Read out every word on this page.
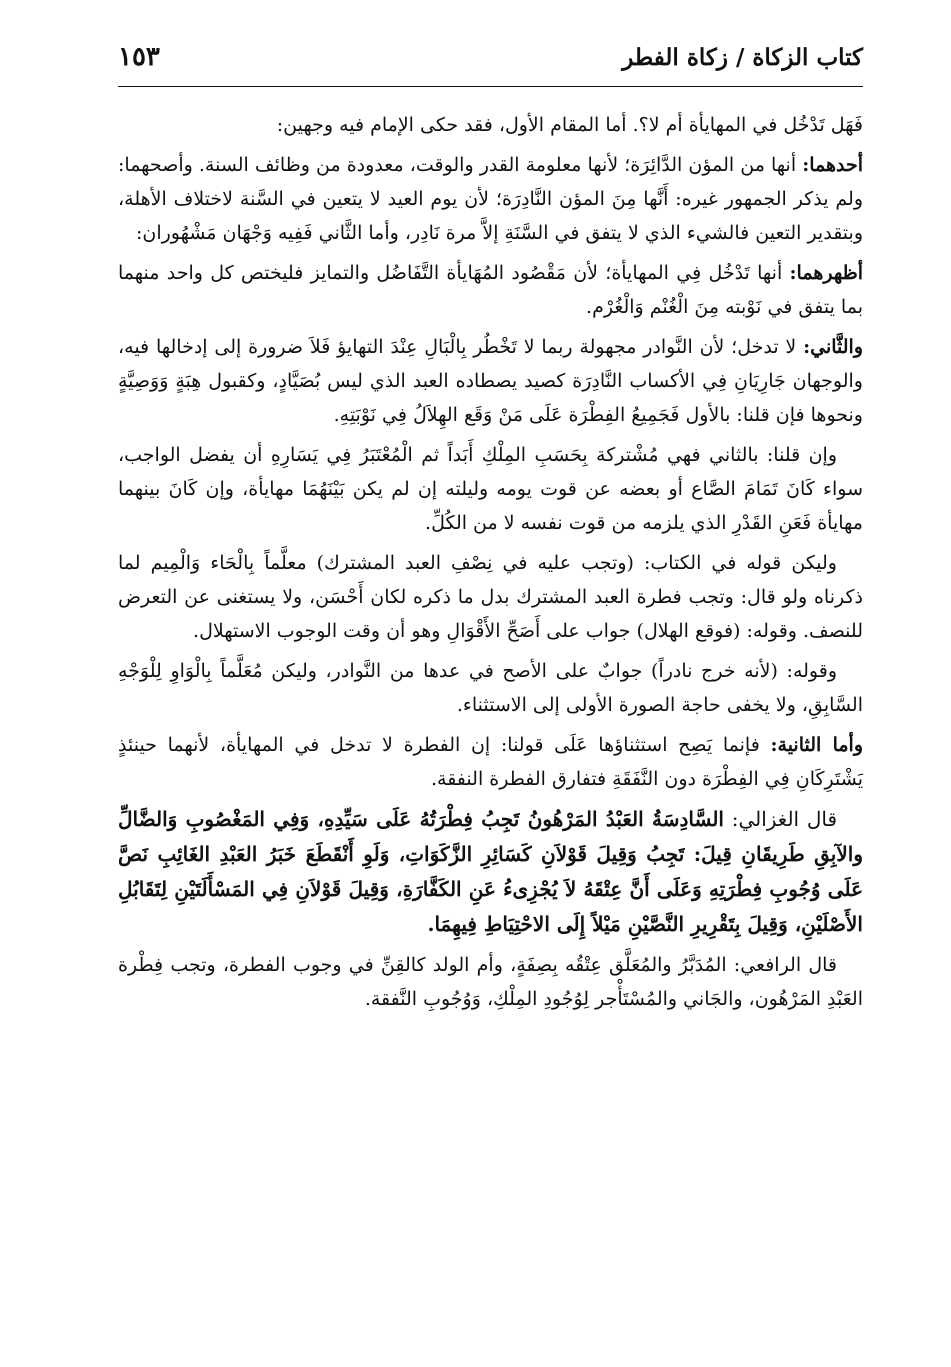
كتاب الزكاة / زكاة الفطر
١٥٣

فَهَل تَدْخُل في المهايأة أم لا؟. أما المقام الأول، فقد حكى الإمام فيه وجهين:

أحدهما: أنها من المؤن الدَّائِرَة؛ لأنها معلومة القدر والوقت، معدودة من وظائف السنة. وأصحهما: ولم يذكر الجمهور غيره: أَنَّها مِنَ المؤن النَّادِرَة؛ لأن يوم العيد لا يتعين في السَّنة لاختلاف الأهلة، وبتقدير التعين فالشيء الذي لا يتفق في السَّنَةِ إلاَّ مرة نَادِر، وأما الثَّاني فَفِيه وَجْهَان مَشْهُوران:

أظهرهما: أنها تَدْخُل فِي المهايأة؛ لأن مَقْصُود المُهَايأة التَّفَاضُل والتمايز فليختص كل واحد منهما بما يتفق في نَوْبته مِنَ الْغُنْم وَالْغُرْم.

والثَّاني: لا تدخل؛ لأن النَّوادر مجهولة ربما لا تَخْطُر بِالْبَالِ عِنْدَ التهايؤ فَلاَ ضرورة إلى إدخالها فيه، والوجهان جَارِيَانِ فِي الأكساب النَّادِرَة كصيد يصطاده العبد الذي ليس بُصَيَّادٍ، وكقبول هِبَةٍ وَوَصِيَّةٍ ونحوها فإن قلنا: بالأول فَجَمِيعُ الفِطْرَة عَلَى مَنْ وَقَع الهِلاَلُ فِي نَوْبَتِهِ.

وإن قلنا: بالثاني فهي مُشْتركة بِحَسَبِ المِلْكِ أَبَداً ثم الْمُعْتَبَرُ فِي يَسَارِهِ أن يفضل الواجب، سواء كَانَ تَمَامَ الصَّاع أو بعضه عن قوت يومه وليلته إن لم يكن بَيْنَهُمَا مهايأة، وإن كَانَ بينهما مهايأة فَعَنِ القَدْرِ الذي يلزمه من قوت نفسه لا من الكُلِّ.

وليكن قوله في الكتاب: (وتجب عليه في نِصْفِ العبد المشترك) معلَّماً بِالْحَاء وَالْمِيم لما ذكرناه ولو قال: وتجب فطرة العبد المشترك بدل ما ذكره لكان أَحْسَن، ولا يستغنى عن التعرض للنصف. وقوله: (فوقع الهلال) جواب على أَصَحِّ الأَقْوَالِ وهو أن وقت الوجوب الاستهلال.

وقوله: (لأنه خرج نادراً) جوابٌ على الأصح في عدها من النَّوادر، وليكن مُعَلَّماً بِالْوَاوِ لِلْوَجْهِ السَّابِقِ، ولا يخفى حاجة الصورة الأولى إلى الاستثناء.

وأما الثانية: فإنما يَصِح استثناؤها عَلَى قولنا: إن الفطرة لا تدخل في المهايأة، لأنهما حينئذٍ يَشْتَرِكَانِ فِي الفِطْرَة دون النَّفَقَةِ فتفارق الفطرة النفقة.

قال الغزالي: السَّادِسَةُ العَبْدُ المَرْهُونُ تَجِبُ فِطْرَتُهُ عَلَى سَيِّدِهِ، وَفِي المَغْصُوبِ وَالضَّالِّ والآبِقِ طَرِيقَانِ قِيلَ: تَجِبُ وَقِيلَ قَوْلاَنِ كَسَائِرِ الزَّكَوَاتِ، وَلَوِ أَنْقَطَعَ خَبَرُ العَبْدِ الغَائِبِ نَصَّ عَلَى وُجُوبِ فِطْرَتِهِ وَعَلَى أَنَّ عِتْقَهُ لاَ يُجْزِىءُ عَنِ الكَفَّارَةِ، وَقِيلَ قَوْلاَنِ فِي المَسْأَلَتَيْنِ لِتَقَابُلِ الأَصْلَيْنِ، وَقِيلَ بِتَقْرِيرِ النَّصَّيْنِ مَيْلاً إِلَى الاحْتِيَاطِ فِيهِمَا.

قال الرافعي: المُدَبَّرُ والمُعَلَّق عِتْقُه بِصِفَةٍ، وأم الولد كالقِنِّ في وجوب الفطرة، وتجب فِطْرة العَبْدِ المَرْهُون، والجَاني والمُسْتَأْجر لِوُجُودِ المِلْكِ، وَوُجُوبِ النَّفقة.
